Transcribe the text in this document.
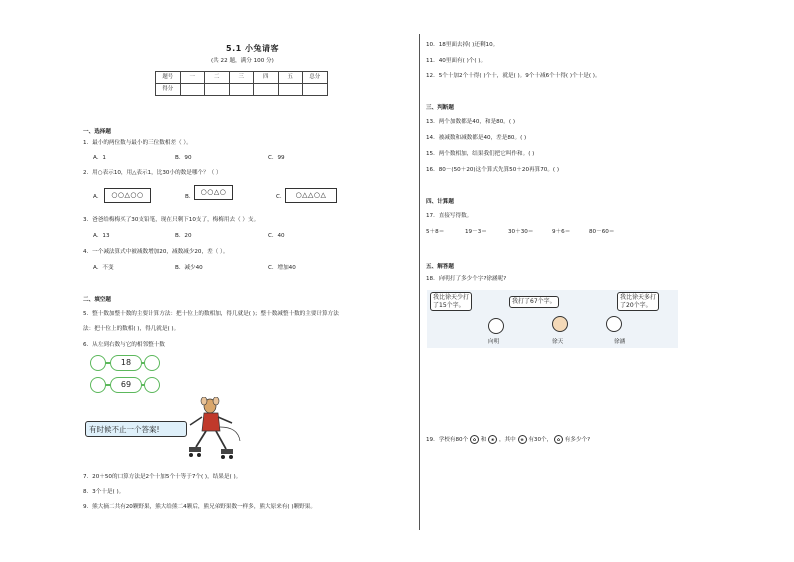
5.1 小兔请客
(共 22 题，满分 100 分)
题号	一	二	三	四	五	总分
得分						
一、选择题
1．最小的两位数与最小的三位数相差（ ）。
A．1	B．90	C．99
2．用○表示10，用△表示1，比30小的数是哪个？（ ）
A．	○○△○○	B．
○○△○
C．	○△△○△
3．爸爸给梅梅买了30支铅笔，现在只剩下10支了，梅梅用去（ ）支。
A．13	B．20	C．40
4．一个减法算式中被减数增加20，减数减少20，差（ ）。
A．不变	B．减少40	C．增加40
二、填空题
5．整十数加整十数的主要计算方法：把十位上的数相加，得几就是( )；整十数减整十数的主要计算方法
法：把十位上的数相( )，得几就是( )。
6．从左到右数与它的相邻整十数
18
69
有时候不止一个答案!
7．20＋50的口算方法是2个十加5个十等于7个( )，结果是( )。
8．3个十是( )。
9．熊大摘二共有20颗野果，熊大给熊二4颗后，熊兄弟野果数一样多，熊大原来有( )颗野果。
10．18里面去掉( )还剩10。
11．40里面有( )个( )。
12．5个十加2个十得( )个十，就是( )。9个十减6个十得( )个十是( )。
三、判断题
13．两个加数都是40，和是80。( )
14．被减数和减数都是40，差是80。( )
15．两个数相加，结果我们把它叫作和。( )
16．80－(50＋20)这个算式先算50＋20再算70。( )
四、计算题
17．直接写得数。
5＋8＝	19－3＝	30＋30＝	9＋6＝	80－60＝
五、解答题
18．向明打了多少个字?徐涵呢?
我比徐天少打
了15个字。	我打了67个字。
我比徐天多打
了20个字。
向明	徐天	徐涵
19．学校有80个 ✿ 和 ❀ ，其中 ❀ 有30个， ✿ 有多少个?
